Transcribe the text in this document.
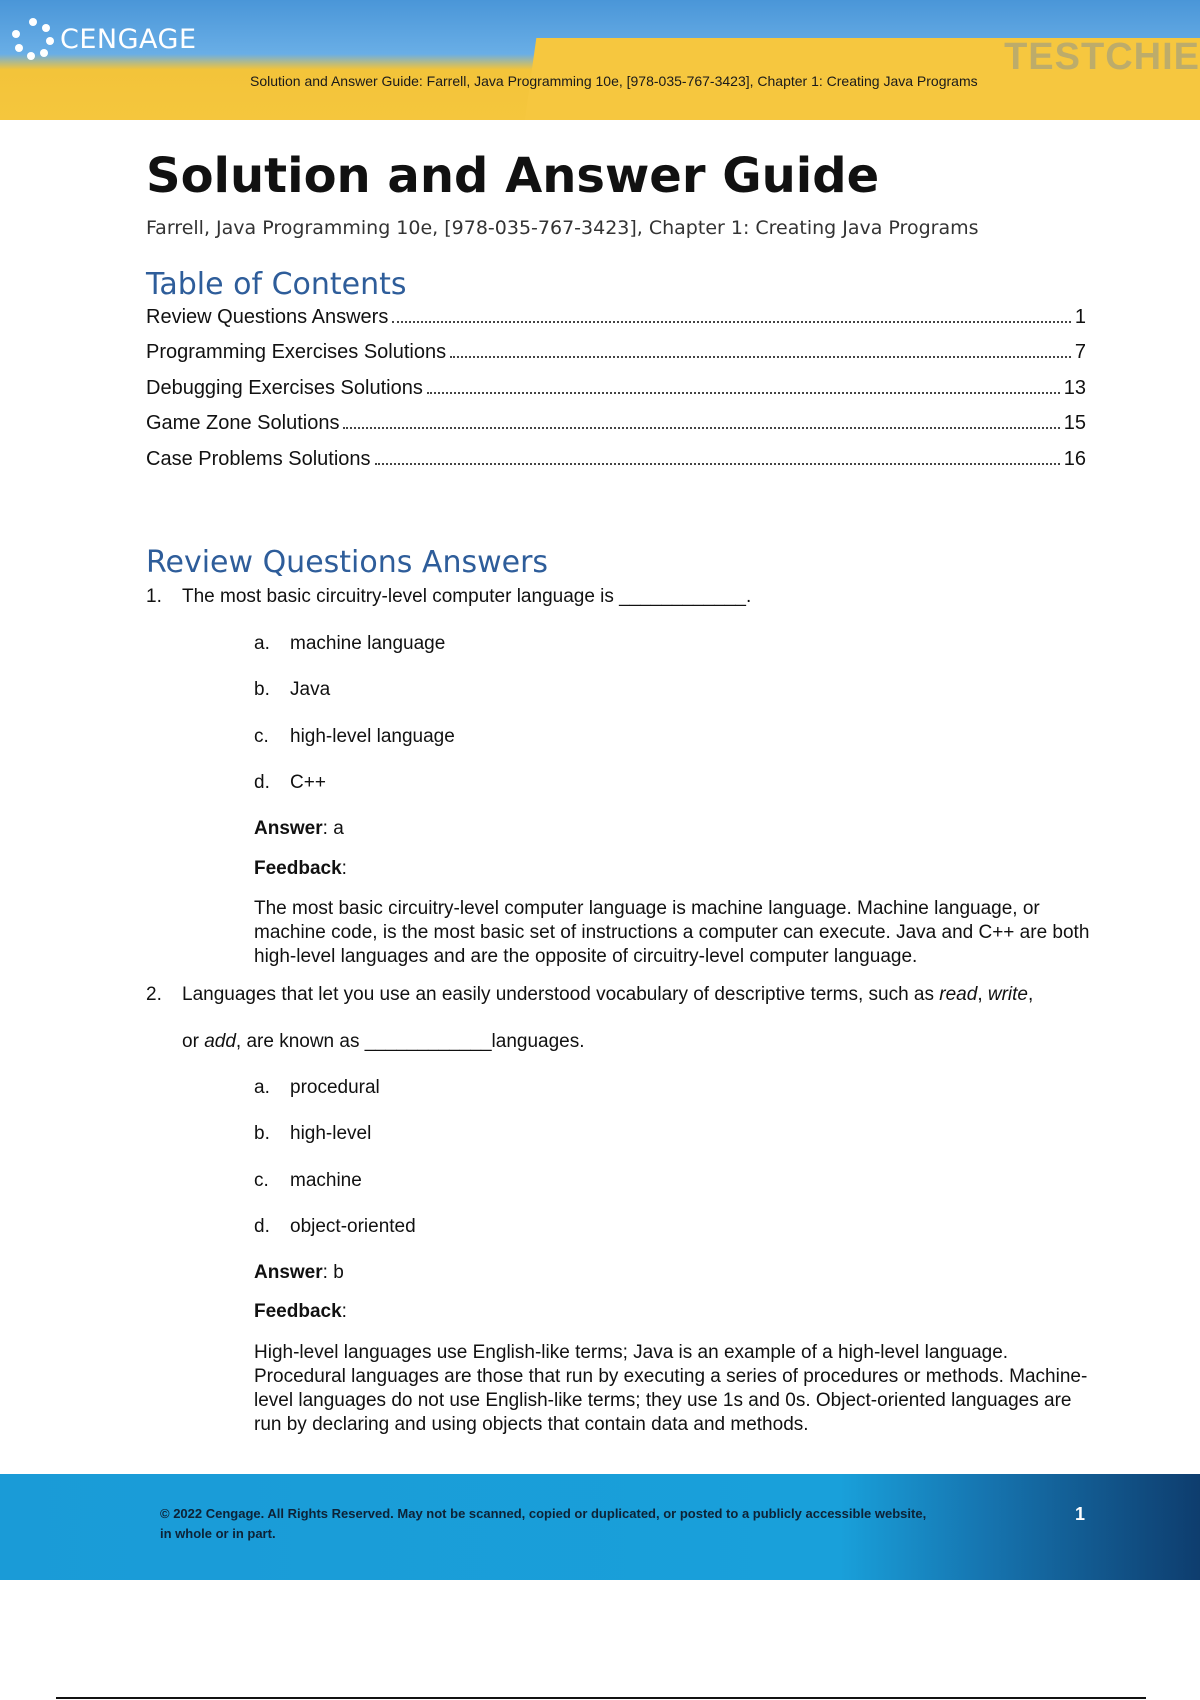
CENGAGE	TESTCHIE
Solution and Answer Guide: Farrell, Java Programming 10e, [978-035-767-3423], Chapter 1: Creating Java Programs
Solution and Answer Guide
Farrell, Java Programming 10e, [978-035-767-3423], Chapter 1: Creating Java Programs
Table of Contents
Review Questions Answers	1
Programming Exercises Solutions	7
Debugging Exercises Solutions	13
Game Zone Solutions	15
Case Problems Solutions	16
Review Questions Answers
1. The most basic circuitry-level computer language is ____________.
a. machine language
b. Java
c. high-level language
d. C++
Answer: a
Feedback:
The most basic circuitry-level computer language is machine language. Machine language, or machine code, is the most basic set of instructions a computer can execute. Java and C++ are both high-level languages and are the opposite of circuitry-level computer language.
2. Languages that let you use an easily understood vocabulary of descriptive terms, such as read, write,
or add, are known as ____________languages.
a. procedural
b. high-level
c. machine
d. object-oriented
Answer: b
Feedback:
High-level languages use English-like terms; Java is an example of a high-level language. Procedural languages are those that run by executing a series of procedures or methods. Machine-level languages do not use English-like terms; they use 1s and 0s. Object-oriented languages are run by declaring and using objects that contain data and methods.
© 2022 Cengage. All Rights Reserved. May not be scanned, copied or duplicated, or posted to a publicly accessible website, in whole or in part.
1
